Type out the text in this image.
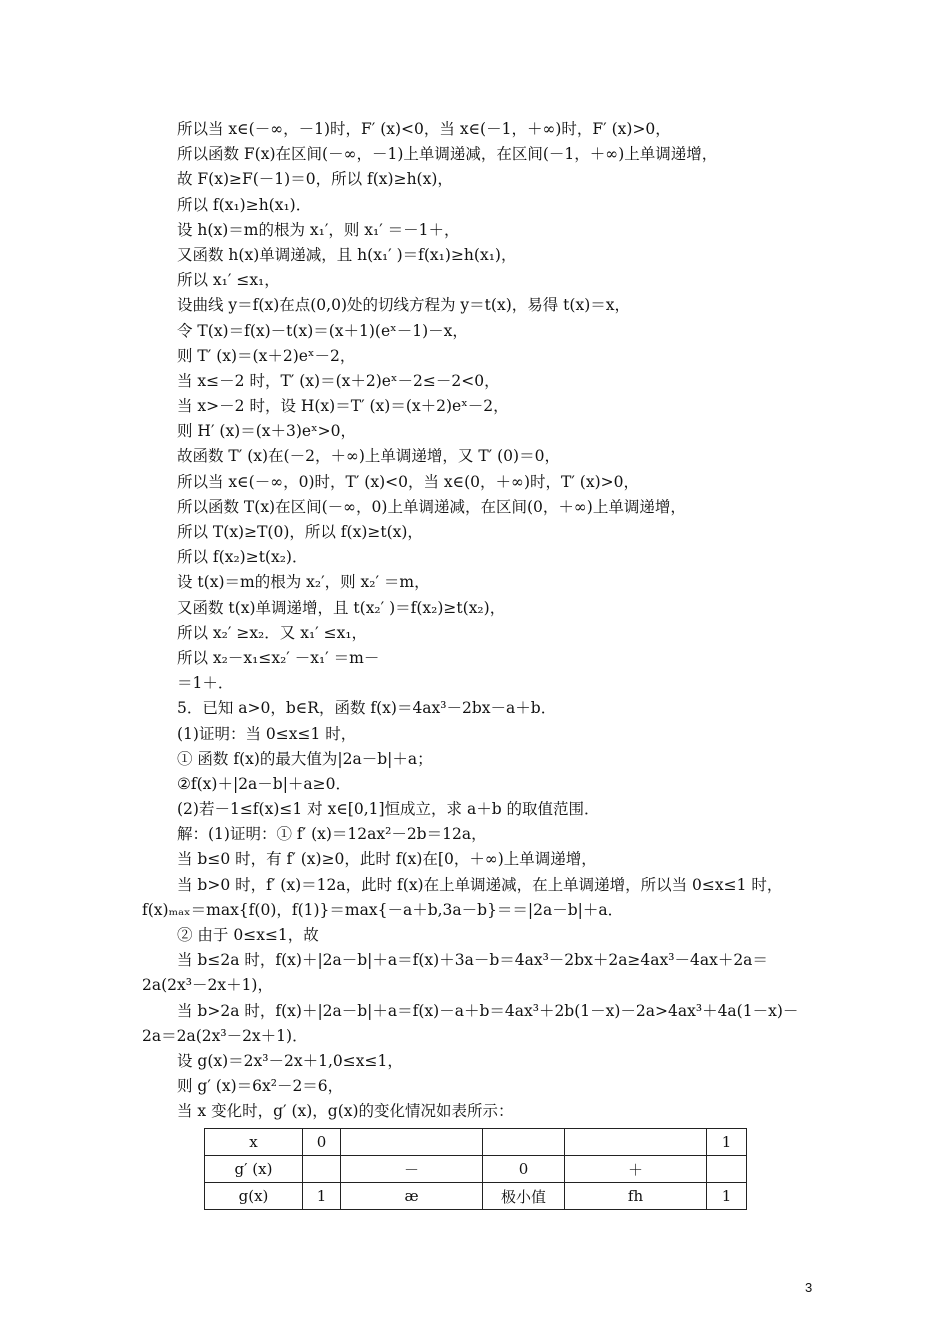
所以当 x∈(－∞，－1)时，F′ (x)<0，当 x∈(－1，＋∞)时，F′ (x)>0，
所以函数 F(x)在区间(－∞，－1)上单调递减，在区间(－1，＋∞)上单调递增，
故 F(x)≥F(－1)＝0，所以 f(x)≥h(x)，
所以 f(x₁)≥h(x₁)．
设 h(x)＝m的根为 x₁′，则 x₁′ ＝－1＋，
又函数 h(x)单调递减，且 h(x₁′ )＝f(x₁)≥h(x₁)，
所以 x₁′ ≤x₁，
设曲线 y＝f(x)在点(0,0)处的切线方程为 y＝t(x)，易得 t(x)＝x，
令 T(x)＝f(x)－t(x)＝(x＋1)(eˣ－1)－x，
则 T′ (x)＝(x＋2)eˣ－2，
当 x≤－2 时，T′ (x)＝(x＋2)eˣ－2≤－2<0，
当 x>－2 时，设 H(x)＝T′ (x)＝(x＋2)eˣ－2，
则 H′ (x)＝(x＋3)eˣ>0，
故函数 T′ (x)在(－2，＋∞)上单调递增，又 T′ (0)＝0，
所以当 x∈(－∞，0)时，T′ (x)<0，当 x∈(0，＋∞)时，T′ (x)>0，
所以函数 T(x)在区间(－∞，0)上单调递减，在区间(0，＋∞)上单调递增，
所以 T(x)≥T(0)，所以 f(x)≥t(x)，
所以 f(x₂)≥t(x₂)．
设 t(x)＝m的根为 x₂′，则 x₂′ ＝m，
又函数 t(x)单调递增，且 t(x₂′ )＝f(x₂)≥t(x₂)，
所以 x₂′ ≥x₂．又 x₁′ ≤x₁，
所以 x₂－x₁≤x₂′ －x₁′ ＝m－
＝1＋．
5．已知 a>0，b∈R，函数 f(x)＝4ax³－2bx－a＋b．
(1)证明：当 0≤x≤1 时，
① 函数 f(x)的最大值为|2a－b|＋a；
②f(x)＋|2a－b|＋a≥0．
(2)若－1≤f(x)≤1 对 x∈[0,1]恒成立，求 a＋b 的取值范围．
解：(1)证明：① f′ (x)＝12ax²－2b＝12a，
当 b≤0 时，有 f′ (x)≥0，此时 f(x)在[0，＋∞)上单调递增，
当 b>0 时，f′ (x)＝12a，此时 f(x)在上单调递减，在上单调递增，所以当 0≤x≤1 时，
f(x)ₘₐₓ＝max{f(0)，f(1)}＝max{－a＋b,3a－b}＝＝|2a－b|＋a．
② 由于 0≤x≤1，故
当 b≤2a 时，f(x)＋|2a－b|＋a＝f(x)＋3a－b＝4ax³－2bx＋2a≥4ax³－4ax＋2a＝
2a(2x³－2x＋1)，
当 b>2a 时，f(x)＋|2a－b|＋a＝f(x)－a＋b＝4ax³＋2b(1－x)－2a>4ax³＋4a(1－x)－
2a＝2a(2x³－2x＋1)．
设 g(x)＝2x³－2x＋1,0≤x≤1，
则 g′ (x)＝6x²－2＝6，
当 x 变化时，g′ (x)，g(x)的变化情况如表所示：
x	0				1
g′ (x)		－	0	＋	
g(x)	1	æ	极小值	fh	1
3
